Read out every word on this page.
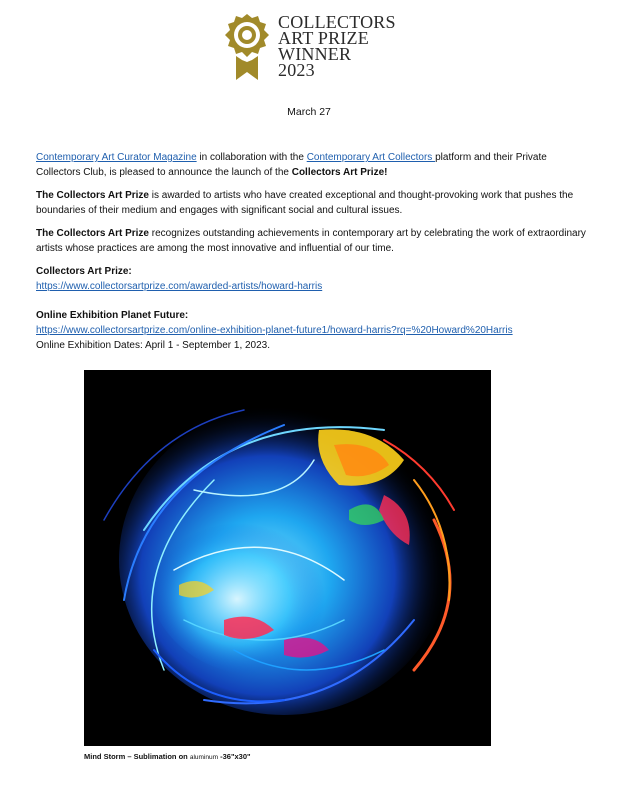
COLLECTORS
ART PRIZE
WINNER
2023
March 27

Contemporary Art Curator Magazine in collaboration with the Contemporary Art Collectors platform and their Private Collectors Club, is pleased to announce the launch of the Collectors Art Prize!

The Collectors Art Prize is awarded to artists who have created exceptional and thought-provoking work that pushes the boundaries of their medium and engages with significant social and cultural issues.

The Collectors Art Prize recognizes outstanding achievements in contemporary art by celebrating the work of extraordinary artists whose practices are among the most innovative and influential of our time.

Collectors Art Prize:
https://www.collectorsartprize.com/awarded-artists/howard-harris

Online Exhibition Planet Future:
https://www.collectorsartprize.com/online-exhibition-planet-future1/howard-harris?rq=%20Howard%20Harris
Online Exhibition Dates: April 1 - September 1, 2023.

Mind Storm – Sublimation on aluminum -36"x30"
